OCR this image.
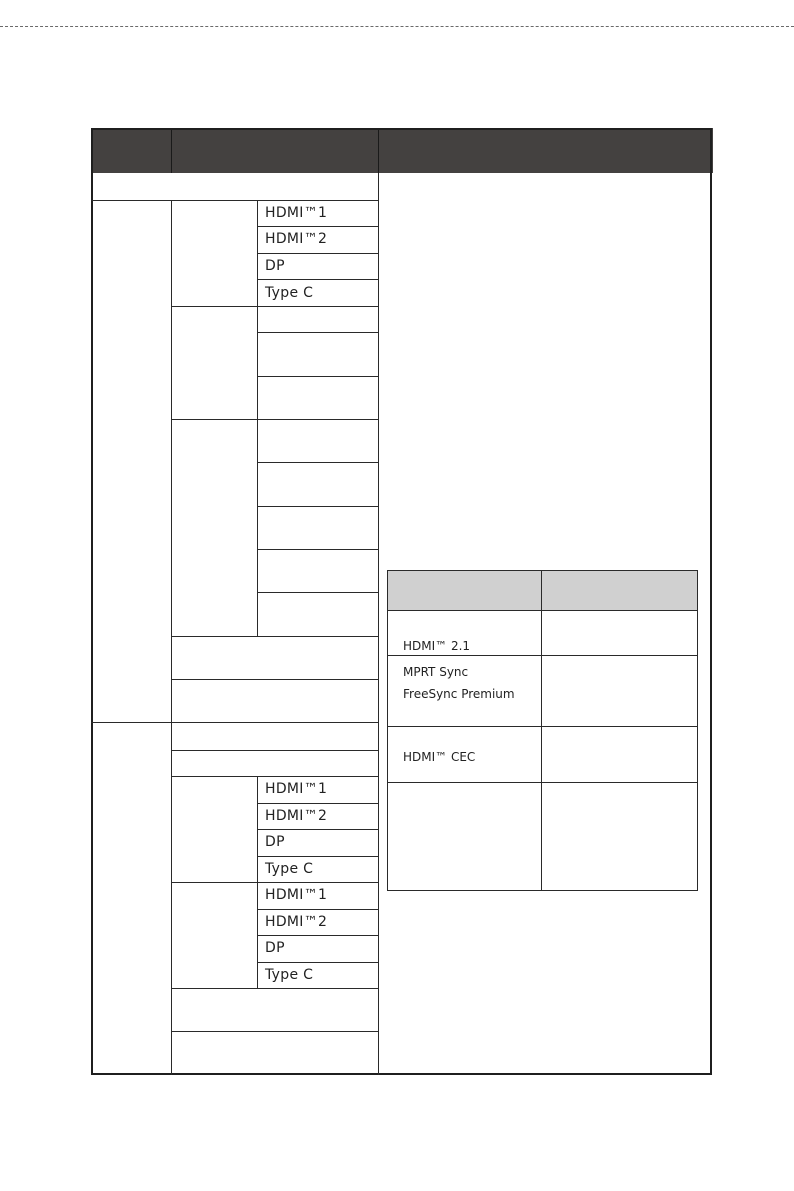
HDMI™1
HDMI™2
DP
Type C
HDMI™1
HDMI™2
DP
Type C
HDMI™1
HDMI™2
DP
Type C
HDMI™ 2.1
MPRT Sync
FreeSync Premium
HDMI™ CEC
